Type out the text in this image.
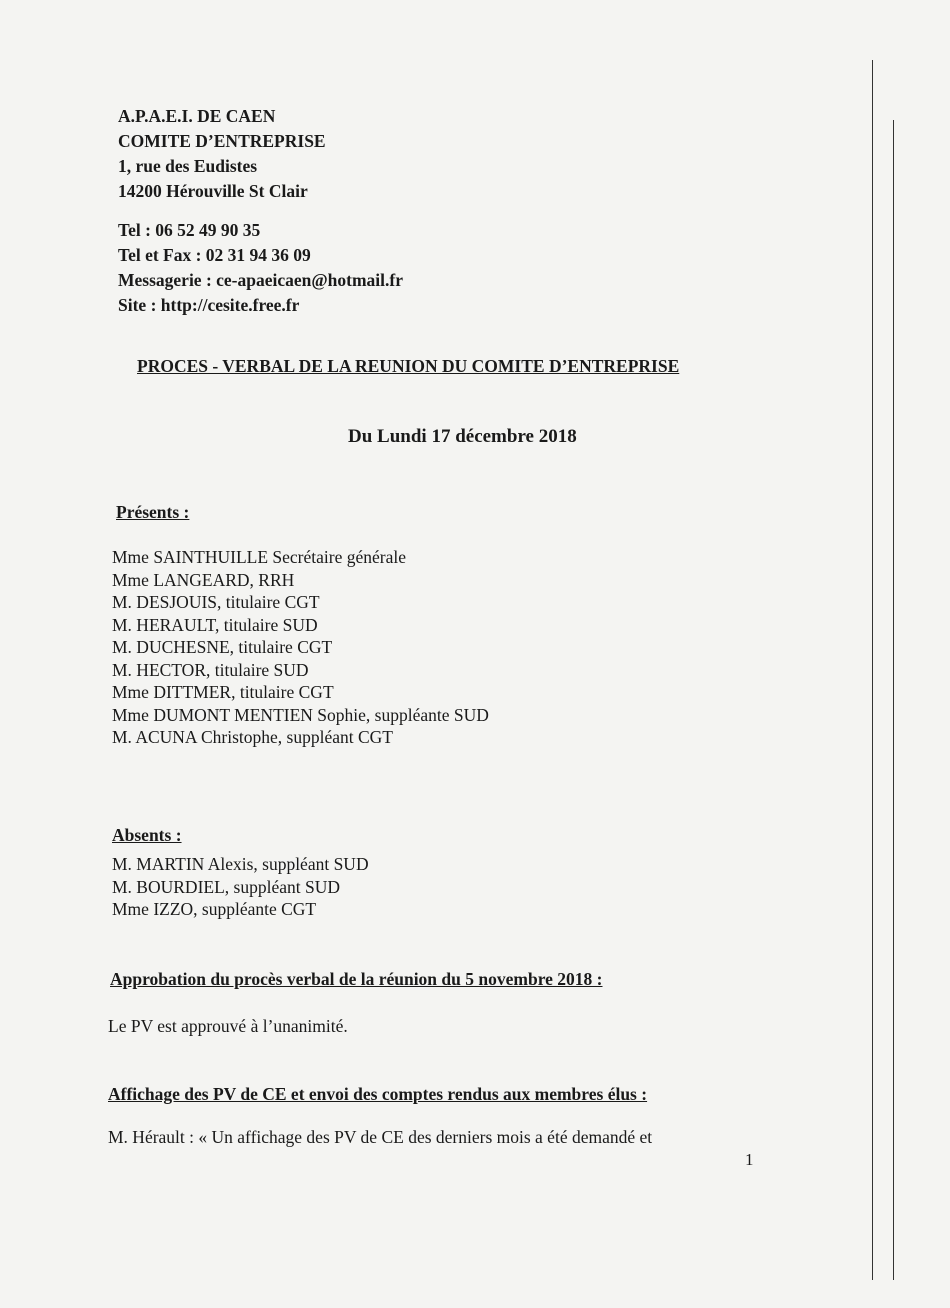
A.P.A.E.I. DE CAEN
COMITE D’ENTREPRISE
1, rue des Eudistes
14200 Hérouville St Clair
Tel : 06 52 49 90 35
Tel et Fax : 02 31 94 36 09
Messagerie : ce-apaeicaen@hotmail.fr
Site : http://cesite.free.fr
PROCES - VERBAL DE LA REUNION DU COMITE D’ENTREPRISE
Du Lundi 17 décembre 2018
Présents :
Mme SAINTHUILLE Secrétaire générale
Mme LANGEARD, RRH
M. DESJOUIS, titulaire CGT
M. HERAULT, titulaire SUD
M. DUCHESNE, titulaire CGT
M. HECTOR, titulaire SUD
Mme DITTMER, titulaire CGT
Mme DUMONT MENTIEN Sophie, suppléante SUD
M. ACUNA Christophe, suppléant CGT
Absents :
M. MARTIN Alexis, suppléant SUD
M. BOURDIEL, suppléant SUD
Mme IZZO, suppléante CGT
Approbation du procès verbal de la réunion du 5 novembre 2018 :
Le PV est approuvé à l’unanimité.
Affichage des PV de CE et envoi des comptes rendus aux membres élus :
M. Hérault : « Un affichage des PV de CE des derniers mois a été demandé et
1
